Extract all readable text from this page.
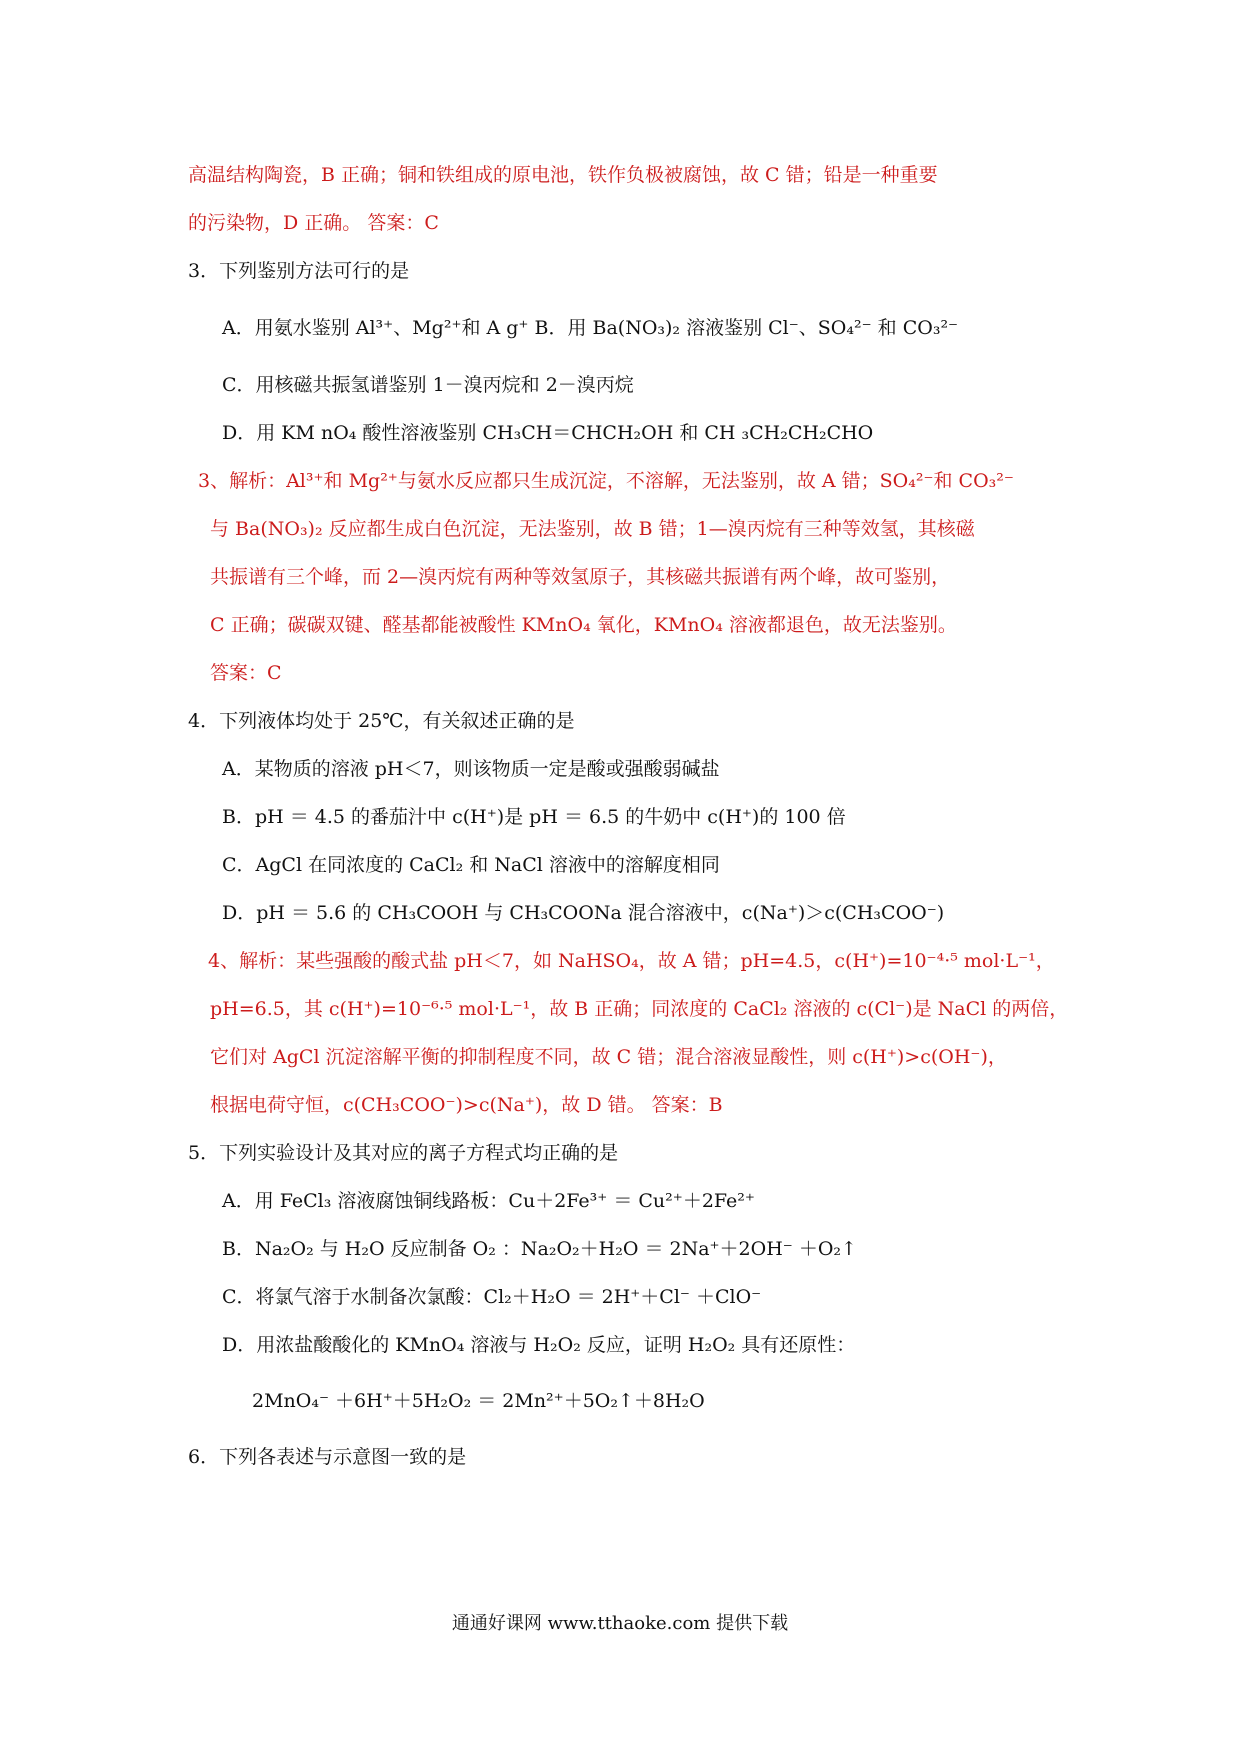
高温结构陶瓷，B 正确；铜和铁组成的原电池，铁作负极被腐蚀，故 C 错；铅是一种重要
的污染物，D 正确。 答案：C
3．下列鉴别方法可行的是
A．用氨水鉴别 Al³⁺、Mg²⁺和 A g⁺ B．用 Ba(NO₃)₂ 溶液鉴别 Cl⁻、SO₄²⁻ 和 CO₃²⁻
C．用核磁共振氢谱鉴别 1－溴丙烷和 2－溴丙烷
D．用 KM nO₄ 酸性溶液鉴别 CH₃CH＝CHCH₂OH 和 CH ₃CH₂CH₂CHO
3、解析：Al³⁺和 Mg²⁺与氨水反应都只生成沉淀，不溶解，无法鉴别，故 A 错；SO₄²⁻和 CO₃²⁻
与 Ba(NO₃)₂ 反应都生成白色沉淀，无法鉴别，故 B 错；1—溴丙烷有三种等效氢，其核磁
共振谱有三个峰，而 2—溴丙烷有两种等效氢原子，其核磁共振谱有两个峰，故可鉴别，
C 正确；碳碳双键、醛基都能被酸性 KMnO₄ 氧化，KMnO₄ 溶液都退色，故无法鉴别。
答案：C
4．下列液体均处于 25℃，有关叙述正确的是
A．某物质的溶液 pH＜7，则该物质一定是酸或强酸弱碱盐
B．pH ＝ 4.5 的番茄汁中 c(H⁺)是 pH ＝ 6.5 的牛奶中 c(H⁺)的 100 倍
C．AgCl 在同浓度的 CaCl₂ 和 NaCl 溶液中的溶解度相同
D．pH ＝ 5.6 的 CH₃COOH 与 CH₃COONa 混合溶液中，c(Na⁺)＞c(CH₃COO⁻)
4、解析：某些强酸的酸式盐 pH＜7，如 NaHSO₄，故 A 错；pH=4.5，c(H⁺)=10⁻⁴·⁵ mol·L⁻¹，
pH=6.5，其 c(H⁺)=10⁻⁶·⁵ mol·L⁻¹，故 B 正确；同浓度的 CaCl₂ 溶液的 c(Cl⁻)是 NaCl 的两倍，
它们对 AgCl 沉淀溶解平衡的抑制程度不同，故 C 错；混合溶液显酸性，则 c(H⁺)>c(OH⁻)，
根据电荷守恒，c(CH₃COO⁻)>c(Na⁺)，故 D 错。 答案：B
5．下列实验设计及其对应的离子方程式均正确的是
A．用 FeCl₃ 溶液腐蚀铜线路板：Cu＋2Fe³⁺ ＝ Cu²⁺＋2Fe²⁺
B．Na₂O₂ 与 H₂O 反应制备 O₂ ：Na₂O₂＋H₂O ＝ 2Na⁺＋2OH⁻ ＋O₂↑
C．将氯气溶于水制备次氯酸：Cl₂＋H₂O ＝ 2H⁺＋Cl⁻ ＋ClO⁻
D．用浓盐酸酸化的 KMnO₄ 溶液与 H₂O₂ 反应，证明 H₂O₂ 具有还原性：
2MnO₄⁻ ＋6H⁺＋5H₂O₂ ＝ 2Mn²⁺＋5O₂↑＋8H₂O
6．下列各表述与示意图一致的是
通通好课网 www.tthaoke.com 提供下载
